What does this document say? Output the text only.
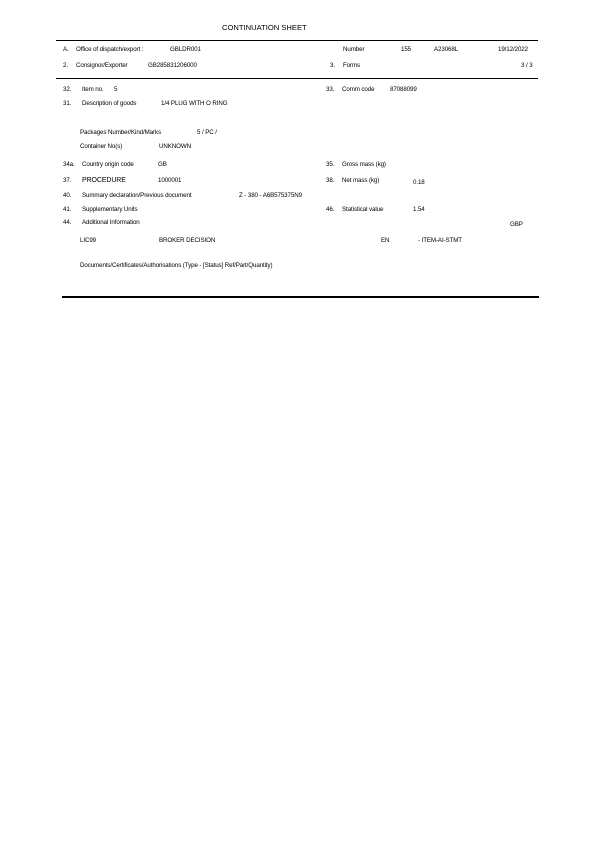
CONTINUATION SHEET
A. Office of dispatch/export :	GBLDR001	Number	155	A23068L	19/12/2022
2. Consignor/Exporter	GB285831206000	3. Forms	3 / 3
32. Item no. 5	33. Comm code	87088099
31. Description of goods	1/4 PLUG WITH O RING
Packages Number/Kind/Marks	5 / PC /
Container No(s)	UNKNOWN
34a. Country origin code	GB	35. Gross mass (kg)
37. PROCEDURE	1000001	38. Net mass (kg)	0.18
40. Summary declaration/Previous document	Z - 380 - A6B575375N9
41. Supplementary Units	46. Statistical value	1.54
GBP
44. Additional Information
LIC99	BROKER DECISION	EN	- ITEM-AI-STMT
Documents/Certificates/Authorisations (Type - [Status] Ref/Part/Quantity)
